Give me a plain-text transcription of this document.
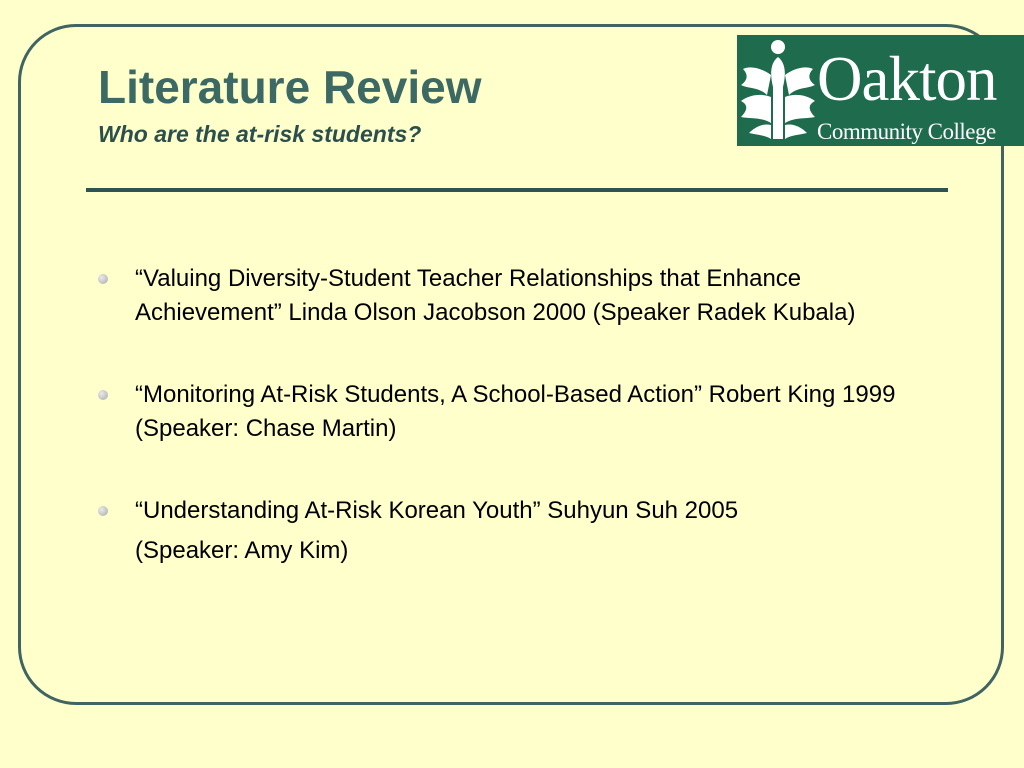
Literature Review
Who are the at-risk students?
Oakton
Community College
“Valuing Diversity-Student Teacher Relationships that Enhance Achievement” Linda Olson Jacobson 2000 (Speaker Radek Kubala)
“Monitoring At-Risk Students, A School-Based Action” Robert King 1999 (Speaker: Chase Martin)
“Understanding At-Risk Korean Youth” Suhyun Suh 2005
(Speaker: Amy Kim)
